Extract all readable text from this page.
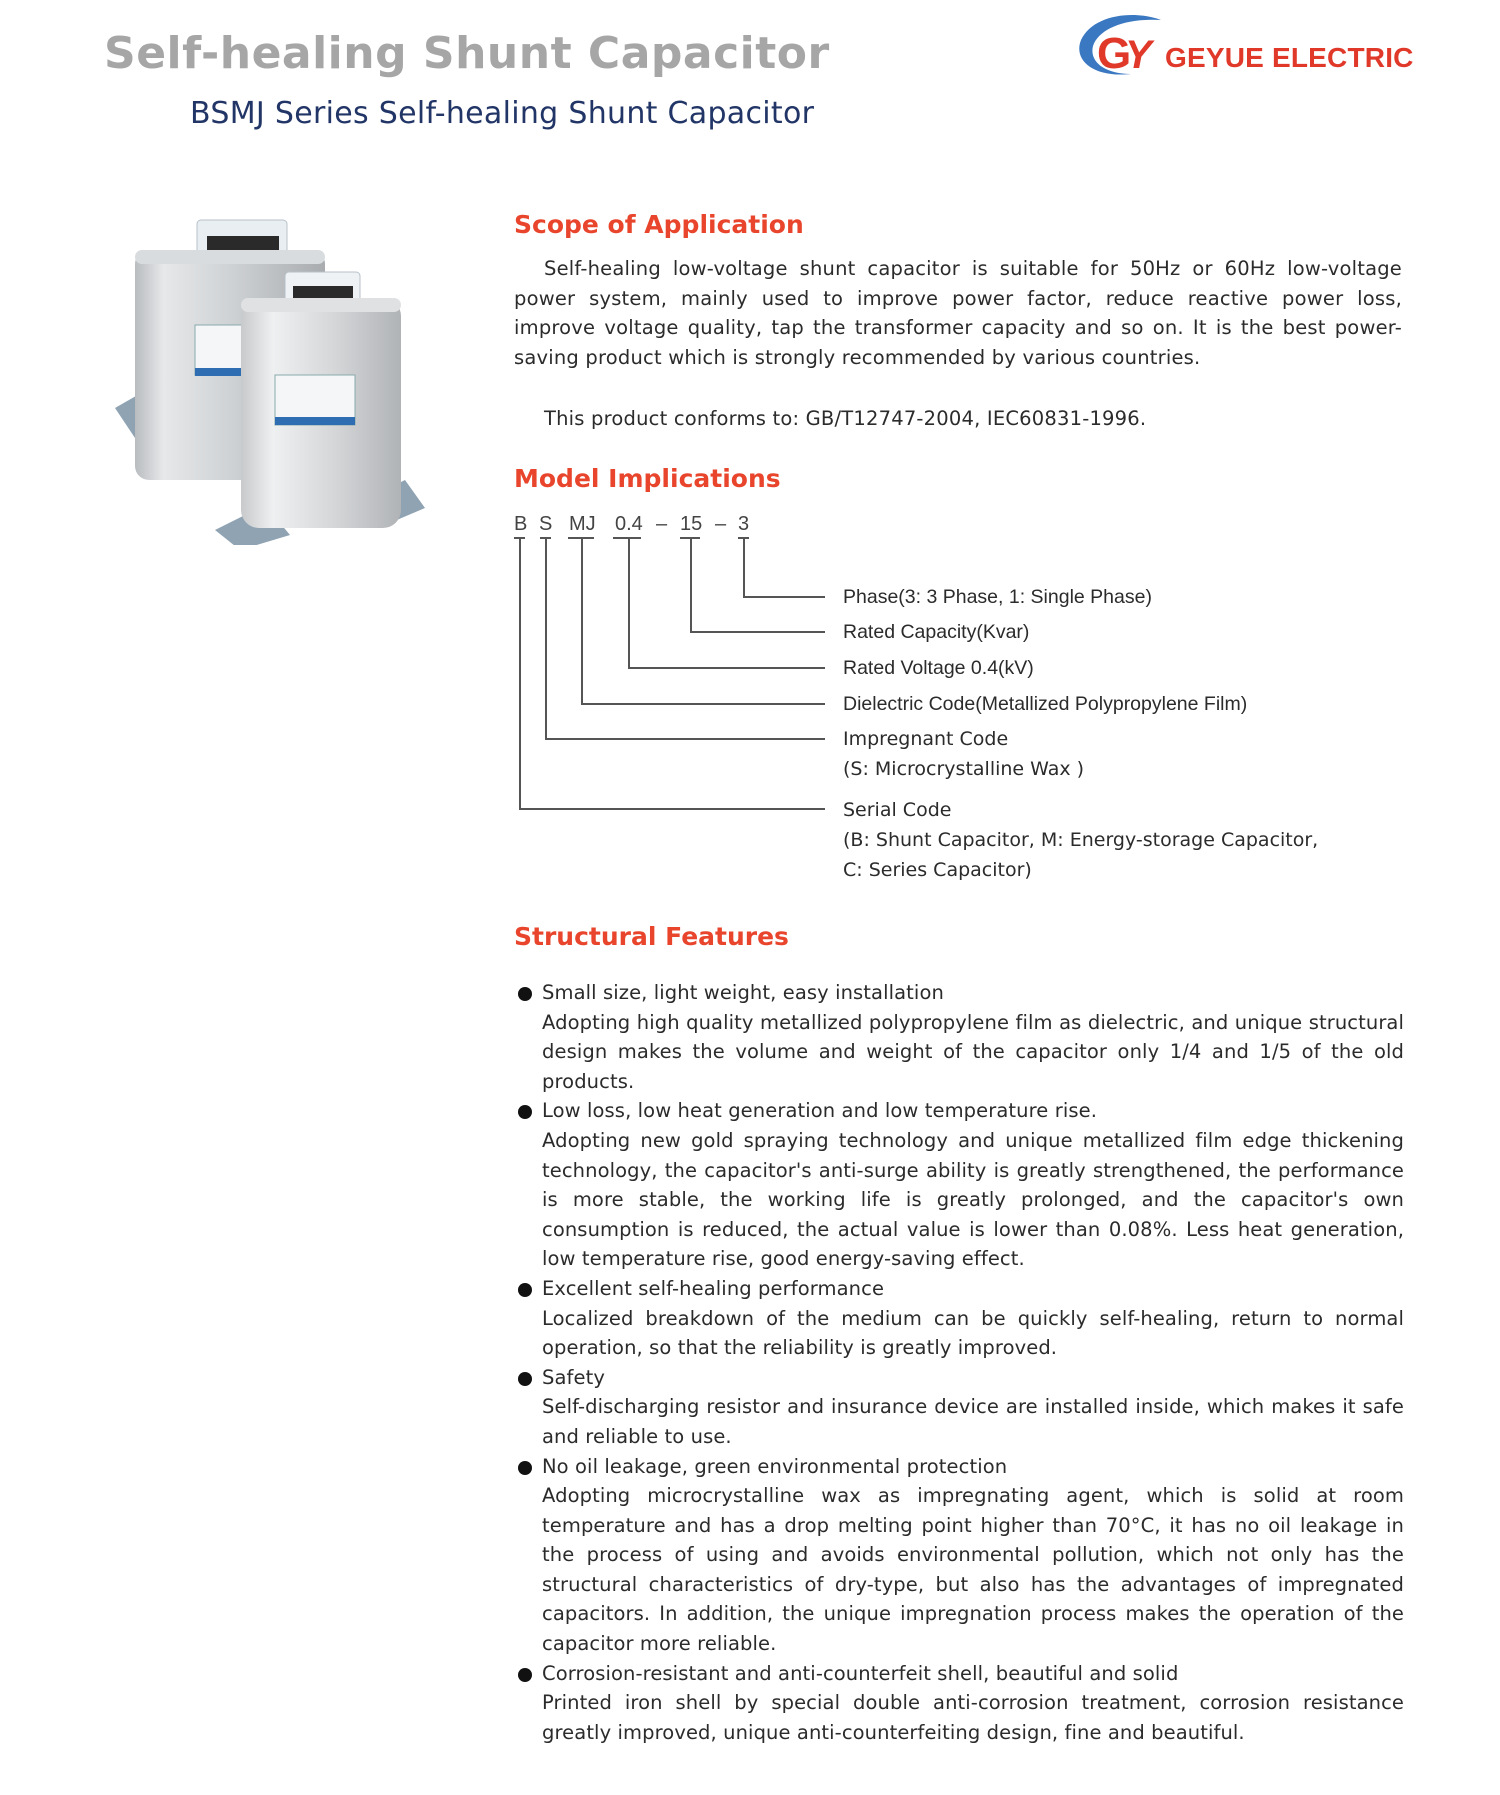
Self-healing Shunt Capacitor
BSMJ Series Self-healing Shunt Capacitor
G
Y GEYUE ELECTRIC
Scope of Application
Self-healing low-voltage shunt capacitor is suitable for 50Hz or 60Hz low-voltage power system, mainly used to improve power factor, reduce reactive power loss, improve voltage quality, tap the transformer capacity and so on. It is the best power-saving product which is strongly recommended by various countries.
This product conforms to: GB/T12747-2004, IEC60831-1996.
Model Implications
B S MJ 0.4 – 15 – 3
Phase(3: 3 Phase, 1: Single Phase)
Rated Capacity(Kvar)
Rated Voltage 0.4(kV)
Dielectric Code(Metallized Polypropylene Film)
Impregnant Code
(S: Microcrystalline Wax )
Serial Code
(B: Shunt Capacitor, M: Energy-storage Capacitor,
C: Series Capacitor)
Structural Features
Small size, light weight, easy installation
Adopting high quality metallized polypropylene film as dielectric, and unique structural design makes the volume and weight of the capacitor only 1/4 and 1/5 of the old products.
Low loss, low heat generation and low temperature rise.
Adopting new gold spraying technology and unique metallized film edge thickening technology, the capacitor's anti-surge ability is greatly strengthened, the performance is more stable, the working life is greatly prolonged, and the capacitor's own consumption is reduced, the actual value is lower than 0.08%. Less heat generation, low temperature rise, good energy-saving effect.
Excellent self-healing performance
Localized breakdown of the medium can be quickly self-healing, return to normal operation, so that the reliability is greatly improved.
Safety
Self-discharging resistor and insurance device are installed inside, which makes it safe and reliable to use.
No oil leakage, green environmental protection
Adopting microcrystalline wax as impregnating agent, which is solid at room temperature and has a drop melting point higher than 70°C, it has no oil leakage in the process of using and avoids environmental pollution, which not only has the structural characteristics of dry-type, but also has the advantages of impregnated capacitors. In addition, the unique impregnation process makes the operation of the capacitor more reliable.
Corrosion-resistant and anti-counterfeit shell, beautiful and solid
Printed iron shell by special double anti-corrosion treatment, corrosion resistance greatly improved, unique anti-counterfeiting design, fine and beautiful.
